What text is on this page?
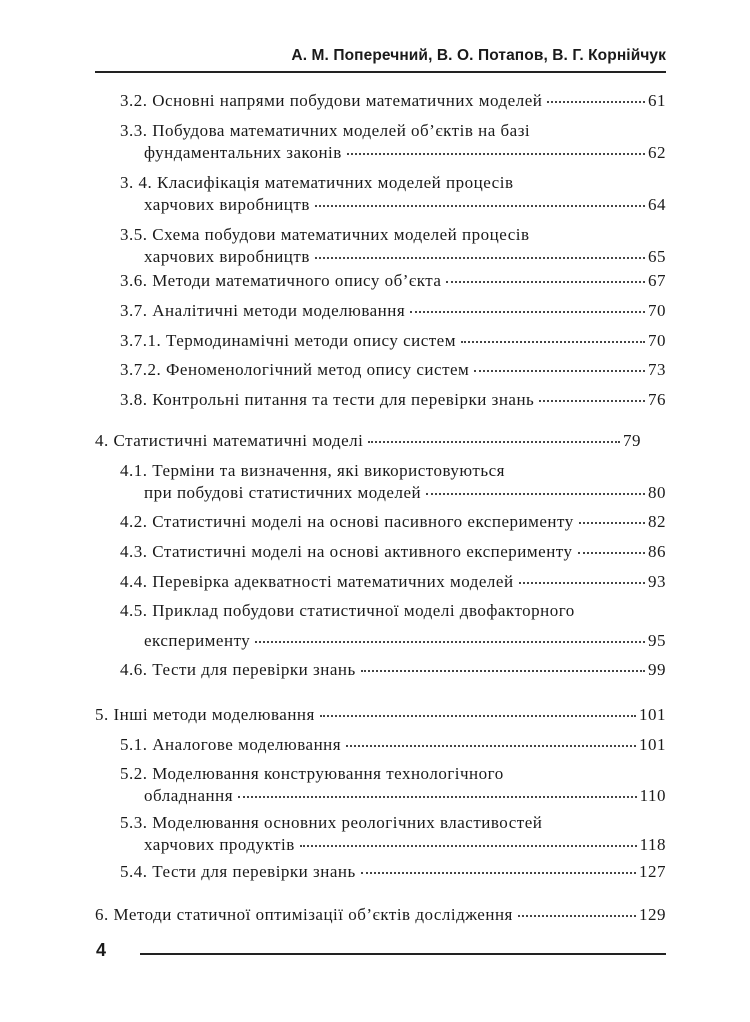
А. М. Поперечний, В. О. Потапов, В. Г. Корнійчук
3.2. Основні напрями побудови математичних моделей	61
3.3. Побудова математичних моделей об’єктів на базі
фундаментальних законів	62
3. 4. Класифікація математичних моделей процесів
харчових виробництв	64
3.5. Схема побудови математичних моделей процесів
харчових виробництв	65
3.6. Методи математичного опису об’єкта	67
3.7. Аналітичні методи моделювання	70
3.7.1. Термодинамічні методи опису систем	70
3.7.2. Феноменологічний метод опису систем	73
3.8. Контрольні питання та тести для перевірки знань	76
4. Статистичні математичні моделі	79
4.1. Терміни та визначення, які використовуються
при побудові статистичних моделей	80
4.2. Статистичні моделі на основі пасивного експерименту	82
4.3. Статистичні моделі на основі активного експерименту	86
4.4. Перевірка адекватності математичних моделей	93
4.5. Приклад побудови статистичної моделі двофакторного
експерименту	95
4.6. Тести для перевірки знань	99
5. Інші методи моделювання	101
5.1. Аналогове моделювання	101
5.2. Моделювання конструювання технологічного
обладнання	110
5.3. Моделювання основних реологічних властивостей
харчових продуктів	118
5.4. Тести для перевірки знань	127
6. Методи статичної оптимізації об’єктів дослідження	129
4
